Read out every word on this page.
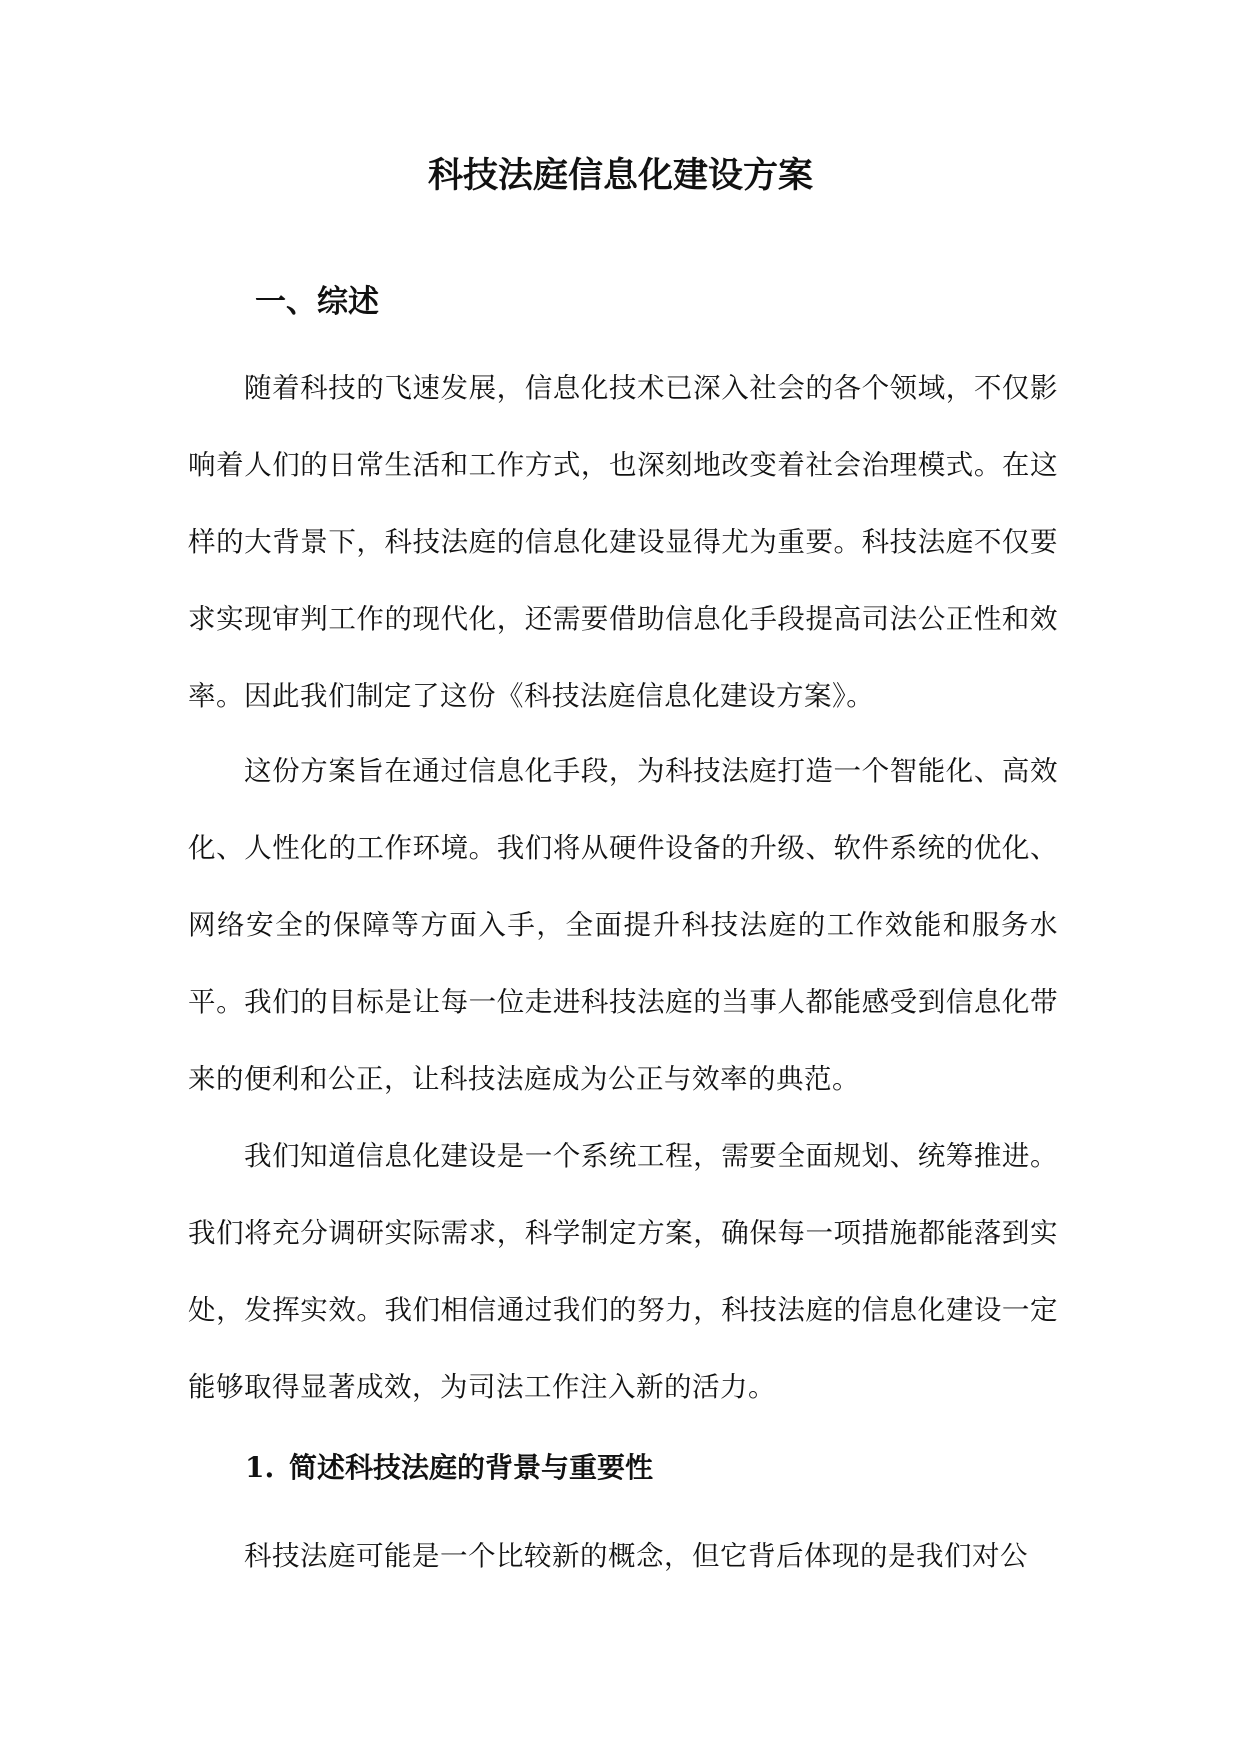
科技法庭信息化建设方案
一、综述

随着科技的飞速发展，信息化技术已深入社会的各个领域，不仅影响着人们的日常生活和工作方式，也深刻地改变着社会治理模式。在这样的大背景下，科技法庭的信息化建设显得尤为重要。科技法庭不仅要求实现审判工作的现代化，还需要借助信息化手段提高司法公正性和效率。因此我们制定了这份《科技法庭信息化建设方案》。

这份方案旨在通过信息化手段，为科技法庭打造一个智能化、高效化、人性化的工作环境。我们将从硬件设备的升级、软件系统的优化、网络安全的保障等方面入手，全面提升科技法庭的工作效能和服务水平。我们的目标是让每一位走进科技法庭的当事人都能感受到信息化带来的便利和公正，让科技法庭成为公正与效率的典范。

我们知道信息化建设是一个系统工程，需要全面规划、统筹推进。我们将充分调研实际需求，科学制定方案，确保每一项措施都能落到实处，发挥实效。我们相信通过我们的努力，科技法庭的信息化建设一定能够取得显著成效，为司法工作注入新的活力。

1. 简述科技法庭的背景与重要性

科技法庭可能是一个比较新的概念，但它背后体现的是我们对公
